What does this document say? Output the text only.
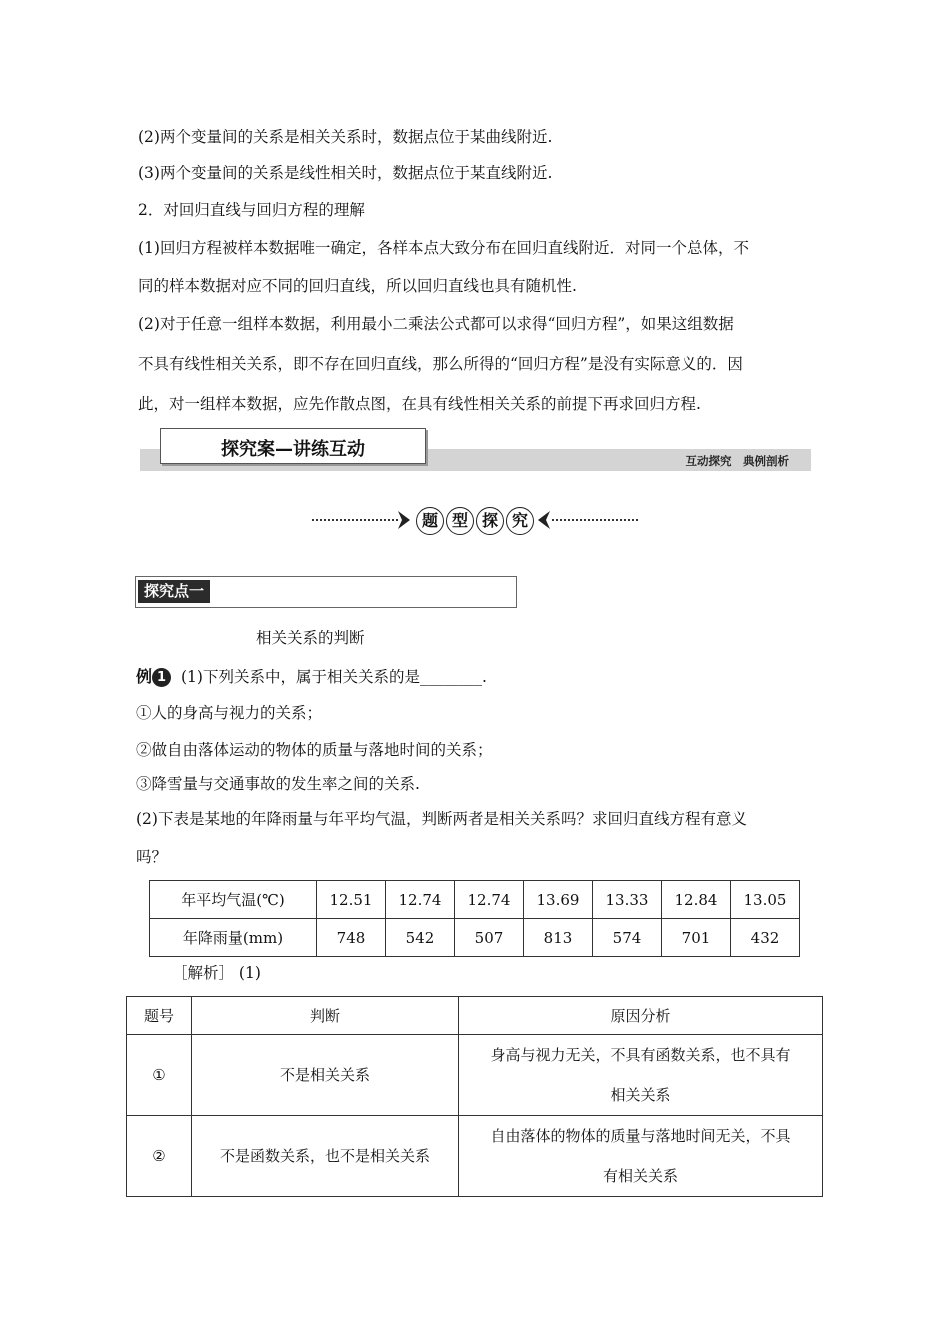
(2)两个变量间的关系是相关关系时，数据点位于某曲线附近.
(3)两个变量间的关系是线性相关时，数据点位于某直线附近.
2．对回归直线与回归方程的理解
(1)回归方程被样本数据唯一确定，各样本点大致分布在回归直线附近．对同一个总体，不
同的样本数据对应不同的回归直线，所以回归直线也具有随机性.
(2)对于任意一组样本数据，利用最小二乘法公式都可以求得“回归方程”，如果这组数据
不具有线性相关关系，即不存在回归直线，那么所得的“回归方程”是没有实际意义的．因
此，对一组样本数据，应先作散点图，在具有线性相关关系的前提下再求回归方程.
探究案—讲练互动
互动探究　典例剖析
题 型 探 究
探究点一
相关关系的判断
例 1 (1)下列关系中，属于相关关系的是________.
①人的身高与视力的关系；
②做自由落体运动的物体的质量与落地时间的关系；
③降雪量与交通事故的发生率之间的关系.
(2)下表是某地的年降雨量与年平均气温，判断两者是相关关系吗？求回归直线方程有意义
吗？
年平均气温(℃)	12.51	12.74	12.74	13.69	13.33	12.84	13.05
年降雨量(mm)	748	542	507	813	574	701	432
［解析］ (1)
题号	判断	原因分析
①	不是相关关系	身高与视力无关，不具有函数关系，也不具有
相关关系

②	不是函数关系，也不是相关关系	自由落体的物体的质量与落地时间无关，不具
有相关关系
